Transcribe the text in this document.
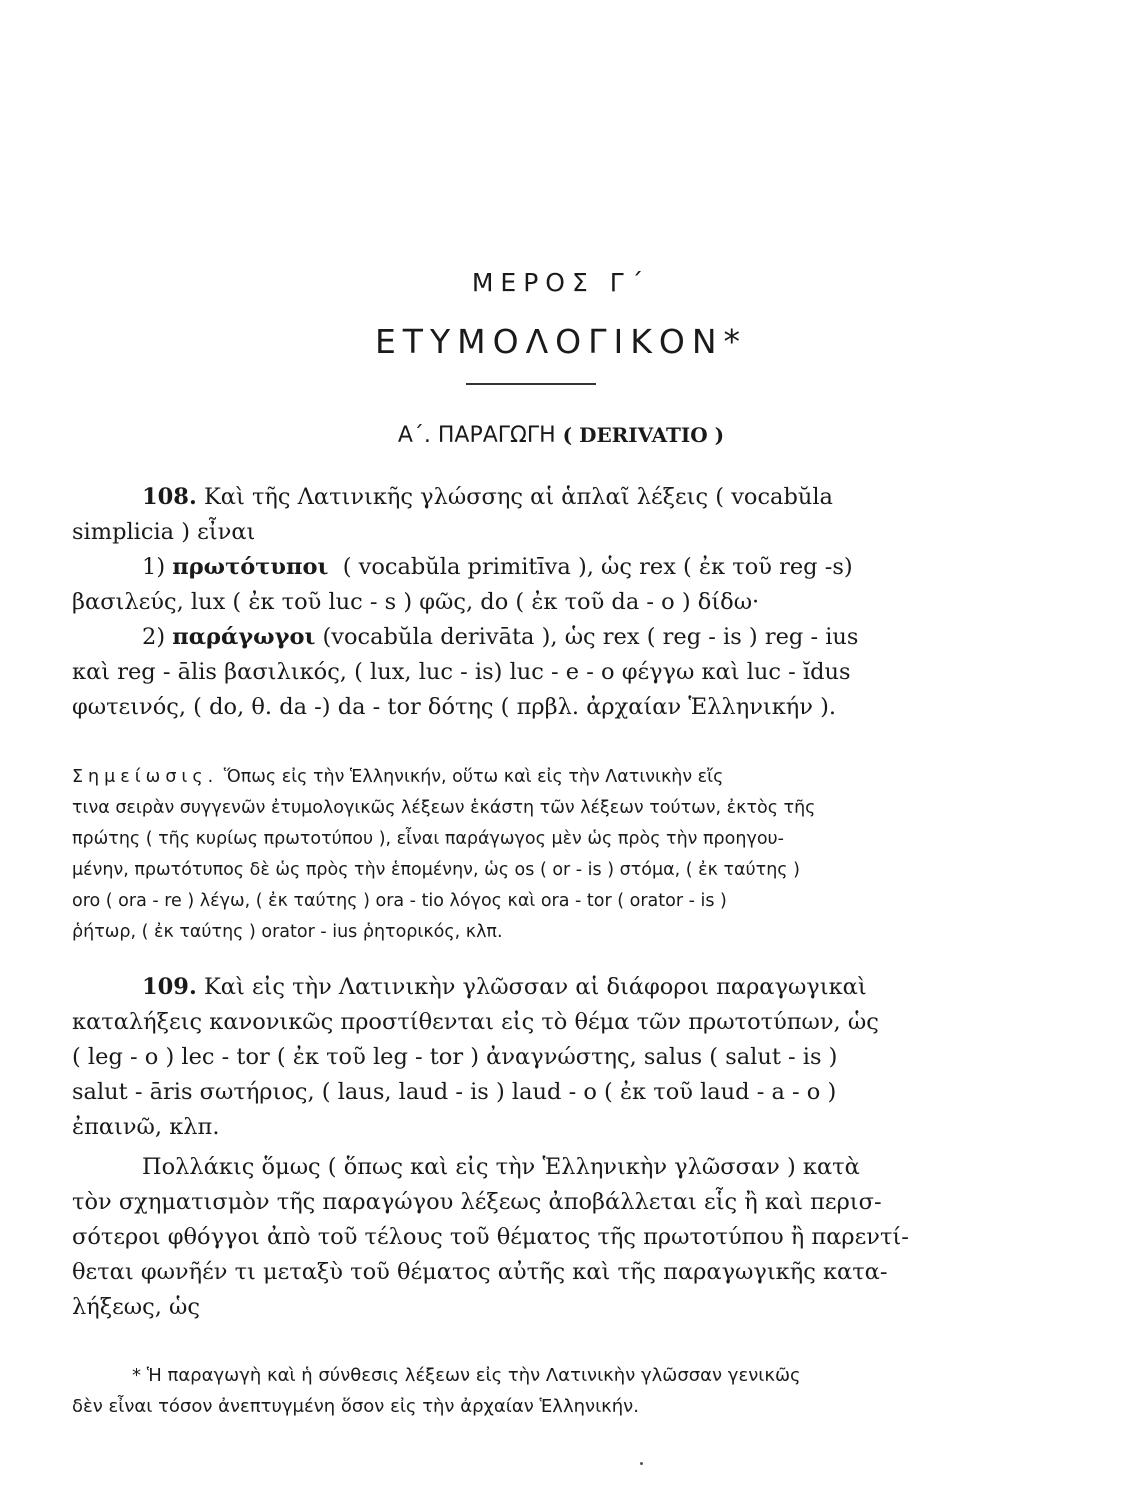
ΜΕΡΟΣ Γ΄
ΕΤΥΜΟΛΟΓΙΚΟΝ*
Α΄. ΠΑΡΑΓΩΓΗ ( DERIVATIO )
108. Καὶ τῆς Λατινικῆς γλώσσης αἱ ἁπλαῖ λέξεις ( vocabŭla
simplicia ) εἶναι
1)
πρωτότυποι
( vocabŭla primitīva ), ὡς rex ( ἐκ τοῦ reg -s)
βασιλεύς, lux ( ἐκ τοῦ luc - s ) φῶς, do ( ἐκ τοῦ da - o ) δίδω·
2)
παράγωγοι
(vocabŭla derivāta ), ὡς rex ( reg - is ) reg - ius
καὶ reg - ālis βασιλικός, ( lux, luc - is) luc - e - o φέγγω καὶ luc - ĭdus
φωτεινός, ( do, θ. da -) da - tor δότης ( πρβλ. ἀρχαίαν Ἑλληνικήν ).
Σημείωσις.
Ὅπως εἰς τὴν Ἑλληνικήν, οὕτω καὶ εἰς τὴν Λατινικὴν εἴς
τινα σειρὰν συγγενῶν ἐτυμολογικῶς λέξεων ἑκάστη τῶν λέξεων τούτων, ἐκτὸς τῆς
πρώτης ( τῆς κυρίως πρωτοτύπου ), εἶναι παράγωγος μὲν ὡς πρὸς τὴν προηγου-
μένην, πρωτότυπος δὲ ὡς πρὸς τὴν ἑπομένην, ὡς os ( or - is ) στόμα, ( ἐκ ταύτης )
oro ( ora - re ) λέγω, ( ἐκ ταύτης ) ora - tio λόγος καὶ ora - tor ( orator - is )
ῥήτωρ, ( ἐκ ταύτης ) orator - ius ῥητορικός, κλπ.
109.
Καὶ εἰς τὴν Λατινικὴν γλῶσσαν αἱ διάφοροι παραγωγικαὶ
καταλήξεις κανονικῶς προστίθενται εἰς τὸ θέμα τῶν πρωτοτύπων, ὡς
( leg - o ) lec - tor ( ἐκ τοῦ leg - tor ) ἀναγνώστης, salus ( salut - is )
salut - āris σωτήριος, ( laus, laud - is ) laud - o ( ἐκ τοῦ laud - a - o )
ἐπαινῶ, κλπ.
Πολλάκις ὅμως ( ὅπως καὶ εἰς τὴν Ἑλληνικὴν γλῶσσαν ) κατὰ
τὸν σχηματισμὸν τῆς παραγώγου λέξεως ἀποβάλλεται εἷς ἢ καὶ περισ-
σότεροι φθόγγοι ἀπὸ τοῦ τέλους τοῦ θέματος τῆς πρωτοτύπου ἢ παρεντί-
θεται φωνῆέν τι μεταξὺ τοῦ θέματος αὐτῆς καὶ τῆς παραγωγικῆς κατα-
λήξεως, ὡς
* Ἡ παραγωγὴ καὶ ἡ σύνθεσις λέξεων εἰς τὴν Λατινικὴν γλῶσσαν γενικῶς
δὲν εἶναι τόσον ἀνεπτυγμένη ὅσον εἰς τὴν ἀρχαίαν Ἑλληνικήν.
